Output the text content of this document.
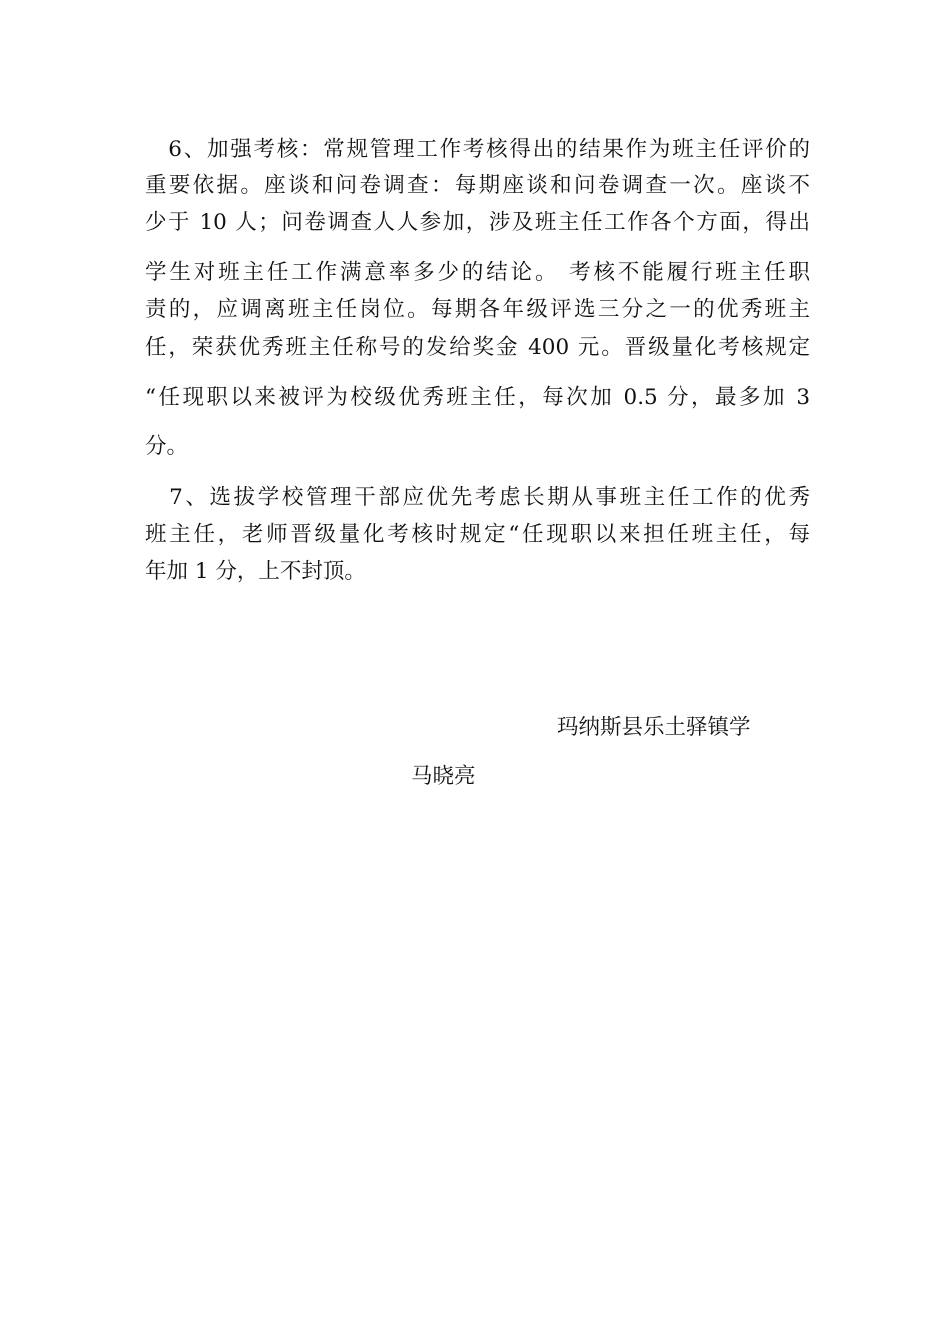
　6、加强考核：常规管理工作考核得出的结果作为班主任评价的
重要依据。座谈和问卷调查：每期座谈和问卷调查一次。座谈不
少于 10 人；问卷调查人人参加，涉及班主任工作各个方面，得出
学生对班主任工作满意率多少的结论。 考核不能履行班主任职
责的，应调离班主任岗位。每期各年级评选三分之一的优秀班主
任，荣获优秀班主任称号的发给奖金 400 元。晋级量化考核规定
“任现职以来被评为校级优秀班主任，每次加 0.5 分，最多加 3
分。
　7、选拔学校管理干部应优先考虑长期从事班主任工作的优秀
班主任，老师晋级量化考核时规定“任现职以来担任班主任，每
年加 1 分，上不封顶。
玛纳斯县乐土驿镇学
马晓亮
